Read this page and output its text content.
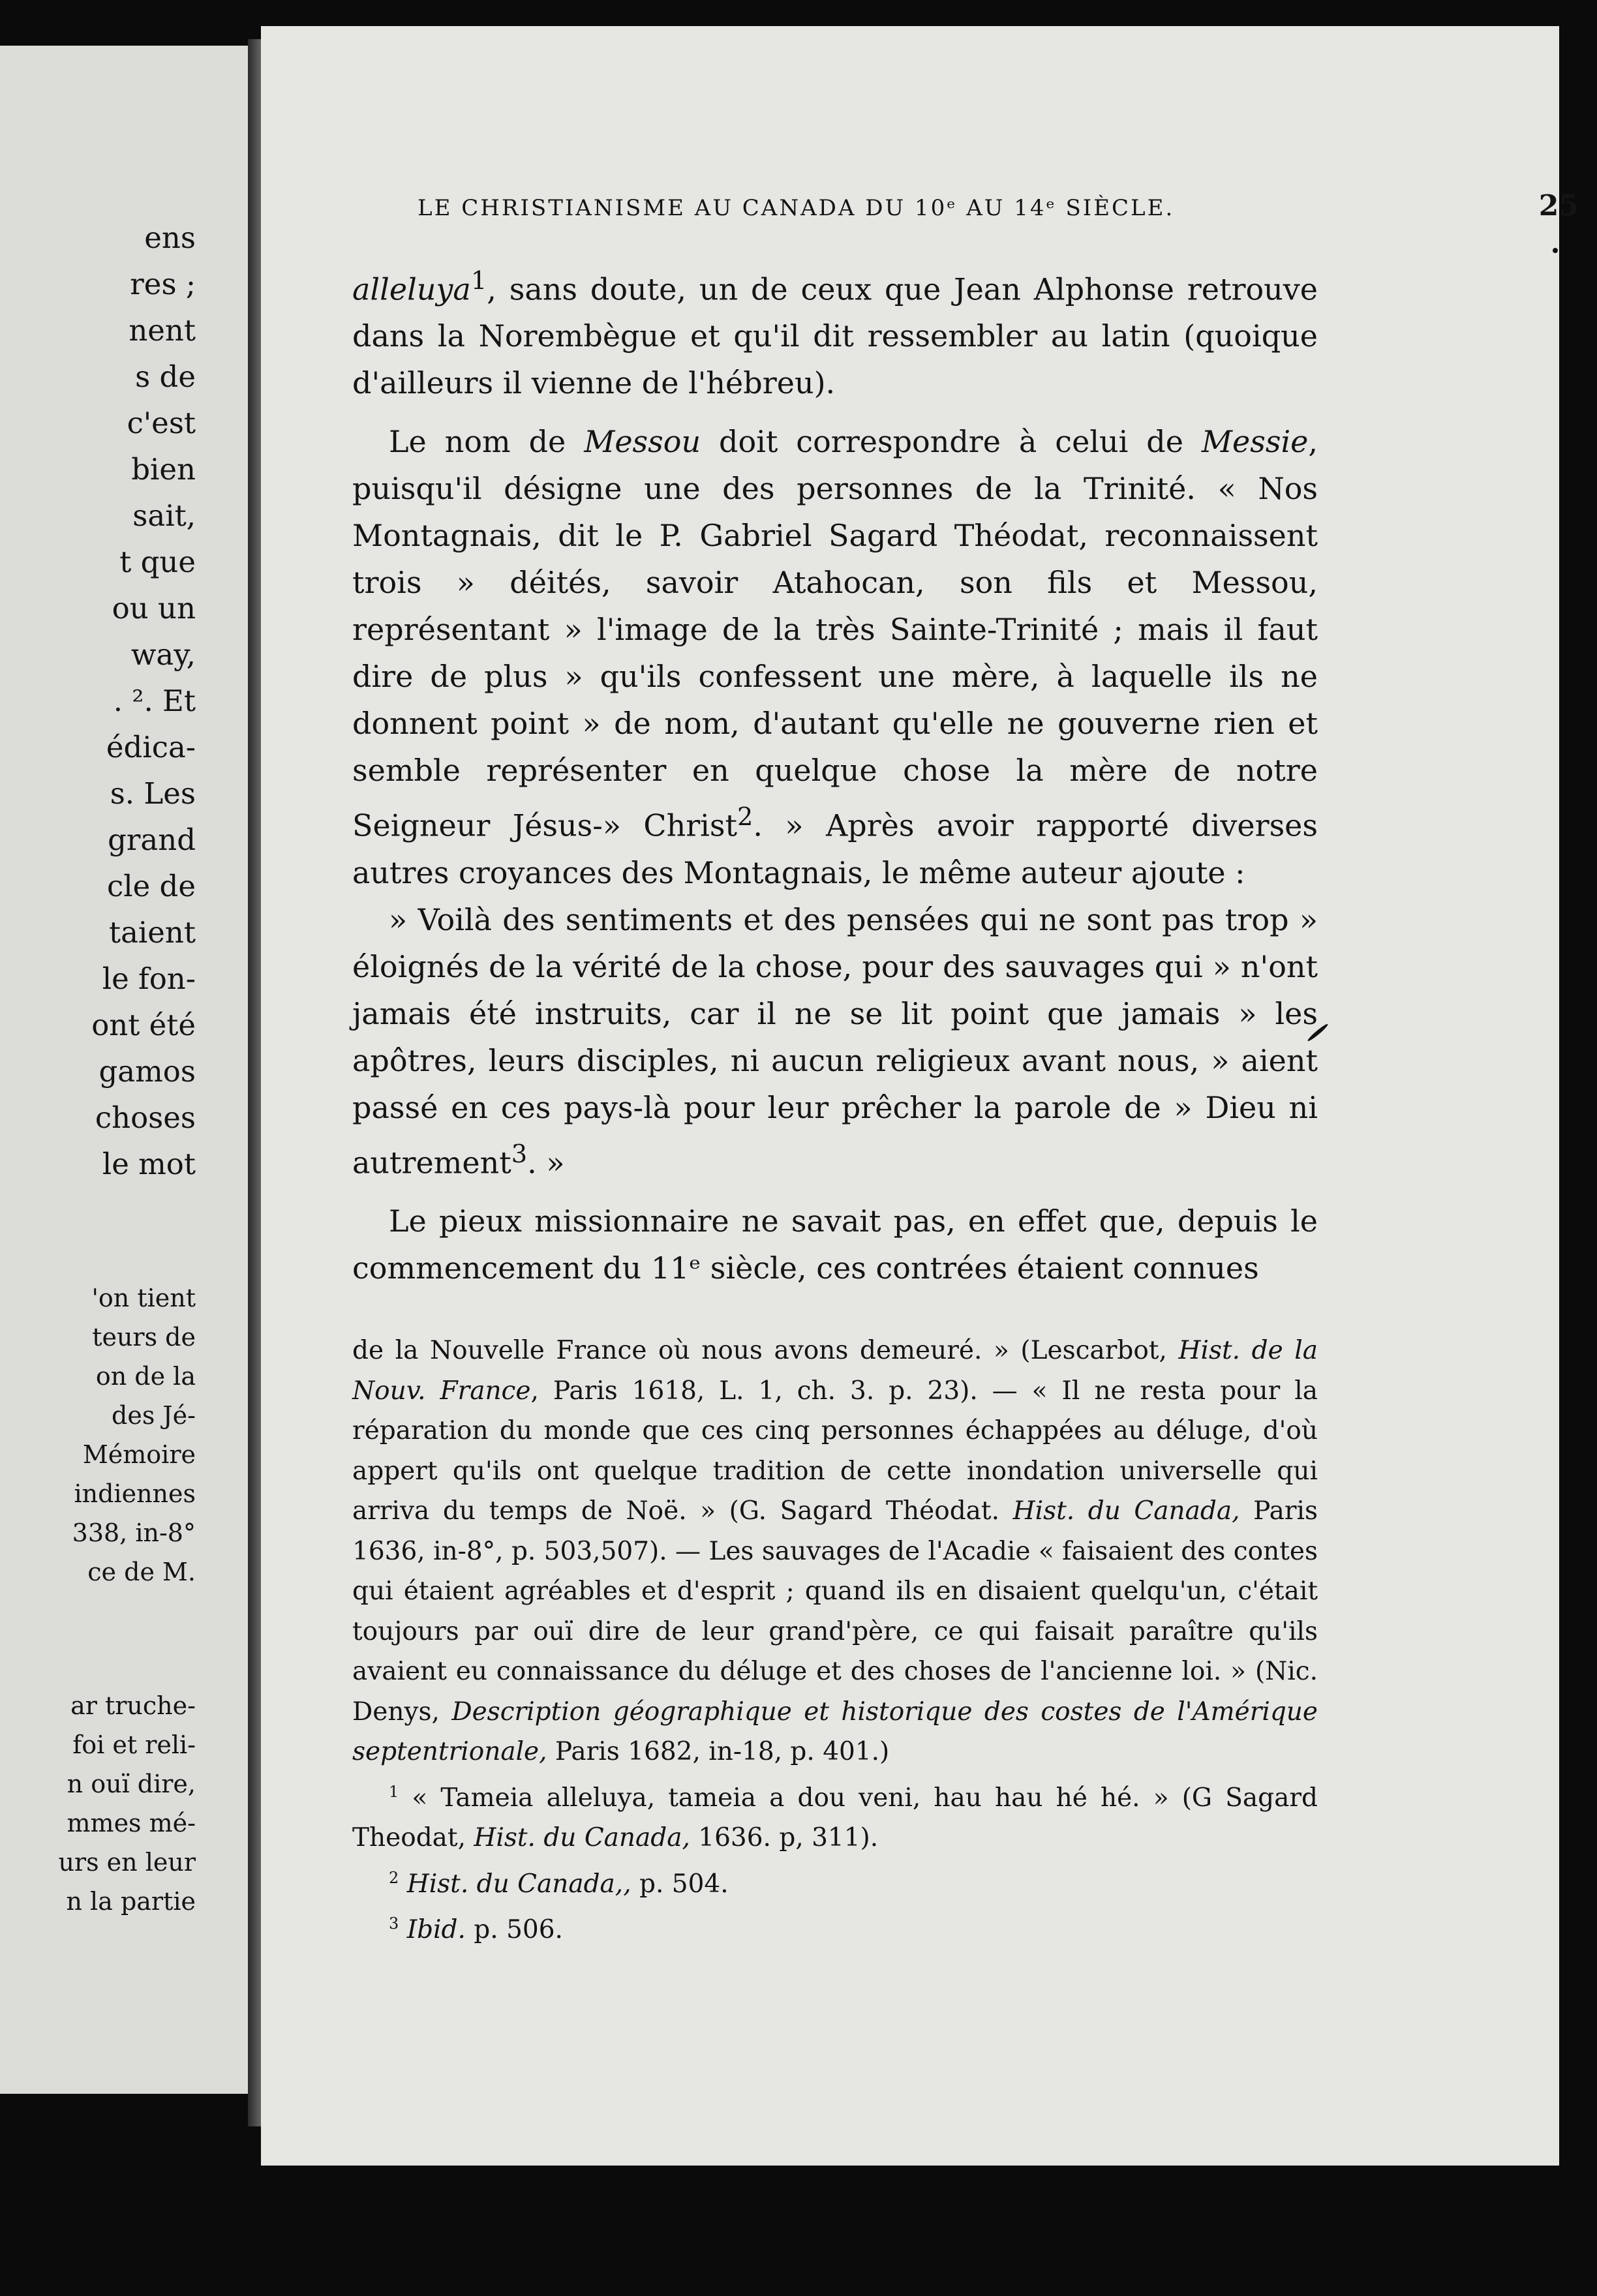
ens
res ;
nent
s de
c'est
bien
sait,
t que
ou un
way,
. ². Et
édica-
s. Les
grand
cle de
taient
le fon-
ont été
gamos
choses
le mot
'on tient
teurs de
on de la
des Jé-
Mémoire
indiennes
338, in-8°
ce de M.
ar truche-
foi et reli-
n ouï dire,
mmes mé-
urs en leur
n la partie
LE CHRISTIANISME AU CANADA DU 10ᵉ AU 14ᵉ SIÈCLE.	25

alleluya$^1$, sans doute, un de ceux que Jean Alphonse retrouve dans la Norembègue et qu'il dit ressembler au latin (quoique d'ailleurs il vienne de l'hébreu).

Le nom de Messou doit correspondre à celui de Messie, puisqu'il désigne une des personnes de la Trinité. « Nos Montagnais, dit le P. Gabriel Sagard Théodat, reconnaissent trois » déités, savoir Atahocan, son fils et Messou, représentant » l'image de la très Sainte-Trinité ; mais il faut dire de plus » qu'ils confessent une mère, à laquelle ils ne donnent point » de nom, d'autant qu'elle ne gouverne rien et semble représenter en quelque chose la mère de notre Seigneur Jésus-» Christ$^2$. » Après avoir rapporté diverses autres croyances des Montagnais, le même auteur ajoute :

» Voilà des sentiments et des pensées qui ne sont pas trop » éloignés de la vérité de la chose, pour des sauvages qui » n'ont jamais été instruits, car il ne se lit point que jamais » les apôtres, leurs disciples, ni aucun religieux avant nous, » aient passé en ces pays-là pour leur prêcher la parole de » Dieu ni autrement$^3$. »

Le pieux missionnaire ne savait pas, en effet que, depuis le commencement du 11ᵉ siècle, ces contrées étaient connues

de la Nouvelle France où nous avons demeuré. » (Lescarbot, Hist. de la Nouv. France, Paris 1618, L. 1, ch. 3. p. 23). — « Il ne resta pour la réparation du monde que ces cinq personnes échappées au déluge, d'où appert qu'ils ont quelque tradition de cette inondation universelle qui arriva du temps de Noë. » (G. Sagard Théodat. Hist. du Canada, Paris 1636, in-8°, p. 503,507). — Les sauvages de l'Acadie « faisaient des contes qui étaient agréables et d'esprit ; quand ils en disaient quelqu'un, c'était toujours par ouï dire de leur grand'père, ce qui faisait paraître qu'ils avaient eu connaissance du déluge et des choses de l'ancienne loi. » (Nic. Denys, Description géographique et historique des costes de l'Amérique septentrionale, Paris 1682, in-18, p. 401.)

$^1$ « Tameia alleluya, tameia a dou veni, hau hau hé hé. » (G Sagard Theodat, Hist. du Canada, 1636. p, 311).

$^2$ Hist. du Canada,, p. 504.

$^3$ Ibid. p. 506.
